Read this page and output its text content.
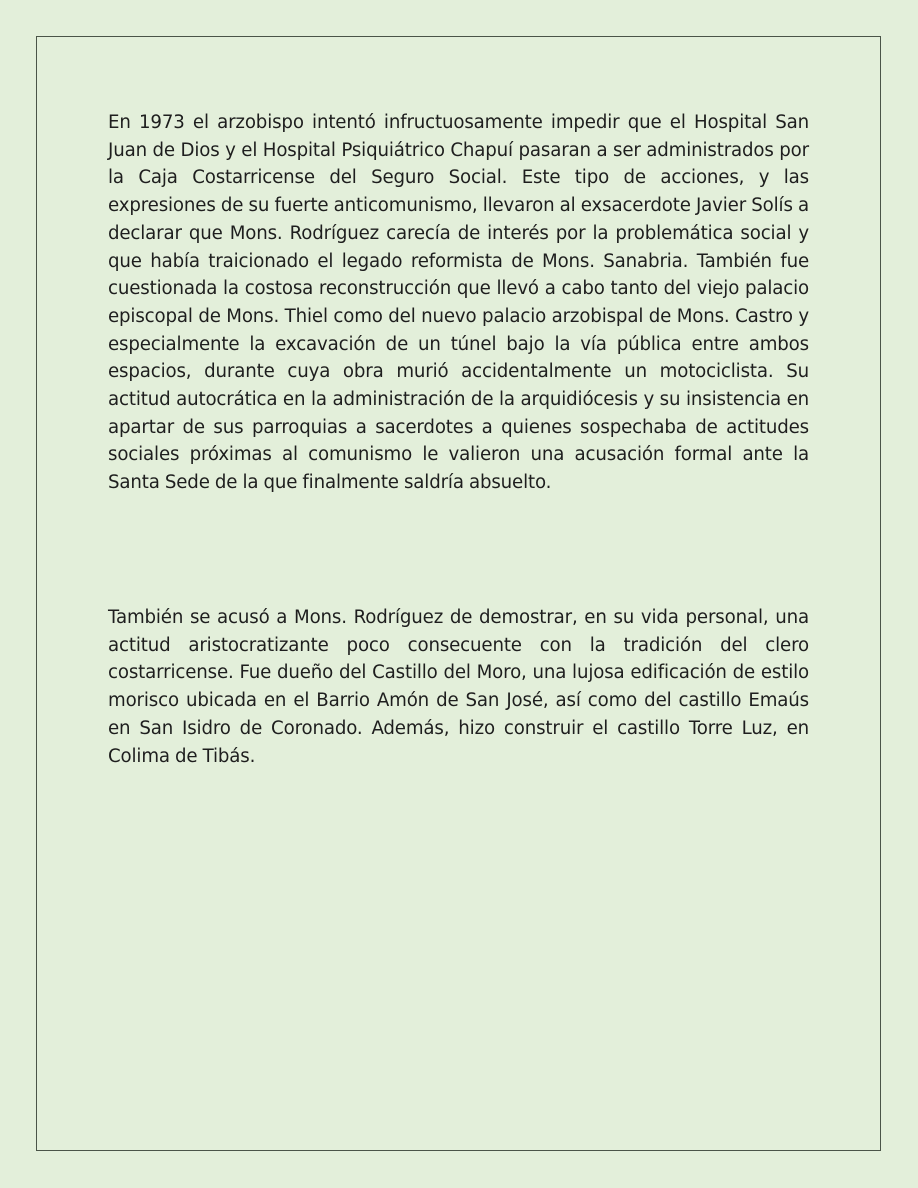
En 1973 el arzobispo intentó infructuosamente impedir que el Hospital San Juan de Dios y el Hospital Psiquiátrico Chapuí pasaran a ser administrados por la Caja Costarricense del Seguro Social. Este tipo de acciones, y las expresiones de su fuerte anticomunismo, llevaron al exsacerdote Javier Solís a declarar que Mons. Rodríguez carecía de interés por la problemática social y que había traicionado el legado reformista de Mons. Sanabria. También fue cuestionada la costosa reconstrucción que llevó a cabo tanto del viejo palacio episcopal de Mons. Thiel como del nuevo palacio arzobispal de Mons. Castro y especialmente la excavación de un túnel bajo la vía pública entre ambos espacios, durante cuya obra murió accidentalmente un motociclista. Su actitud autocrática en la administración de la arquidiócesis y su insistencia en apartar de sus parroquias a sacerdotes a quienes sospechaba de actitudes sociales próximas al comunismo le valieron una acusación formal ante la Santa Sede de la que finalmente saldría absuelto.

También se acusó a Mons. Rodríguez de demostrar, en su vida personal, una actitud aristocratizante poco consecuente con la tradición del clero costarricense. Fue dueño del Castillo del Moro, una lujosa edificación de estilo morisco ubicada en el Barrio Amón de San José, así como del castillo Emaús en San Isidro de Coronado. Además, hizo construir el castillo Torre Luz, en Colima de Tibás.
